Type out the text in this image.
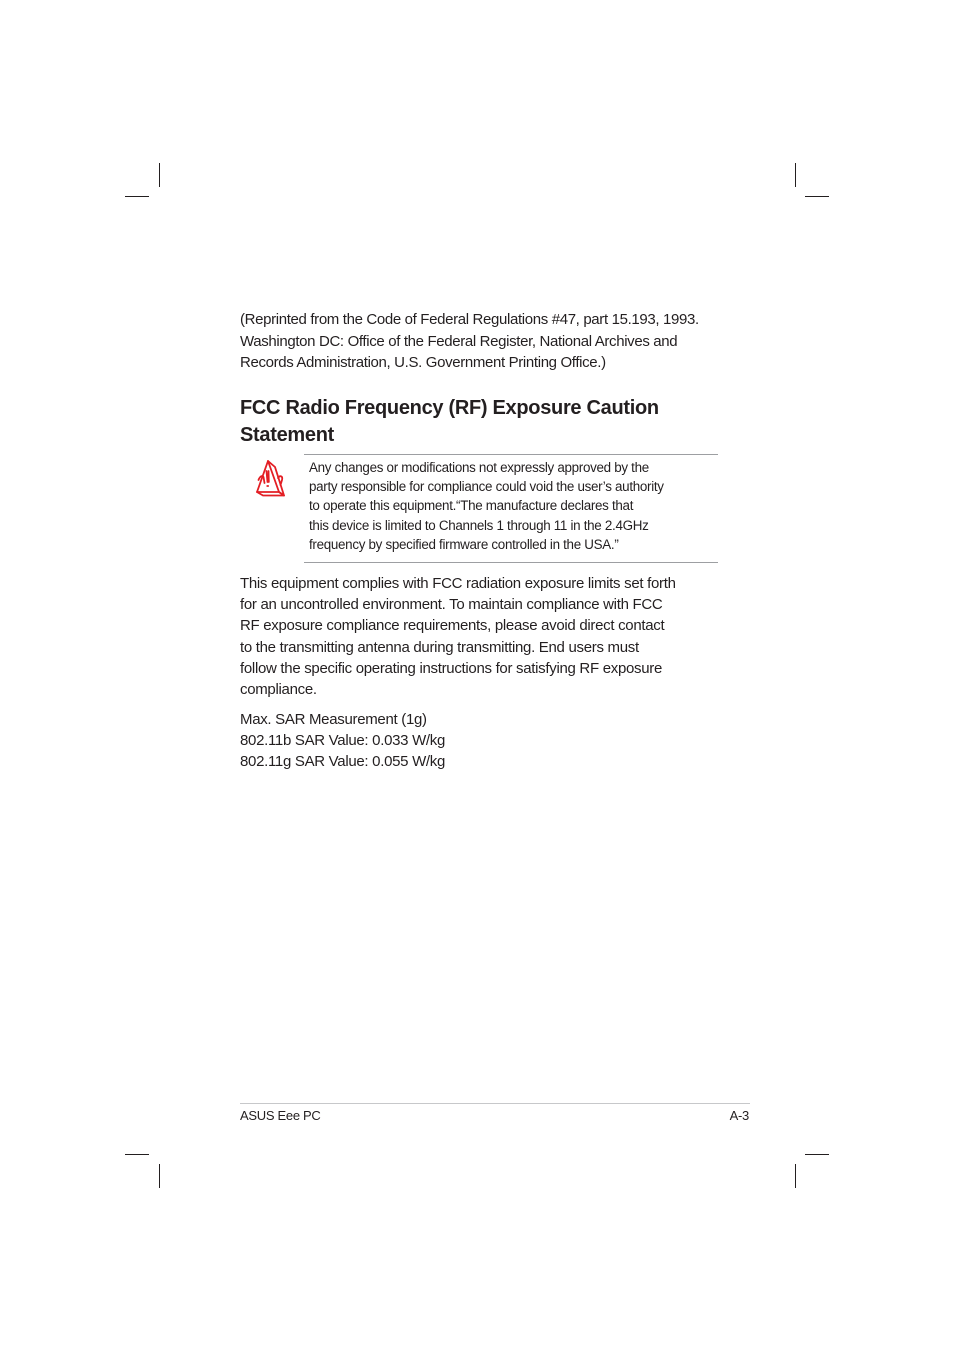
(Reprinted from the Code of Federal Regulations #47, part 15.193, 1993.
Washington DC: Office of the Federal Register, National Archives and
Records Administration, U.S. Government Printing Office.)

FCC Radio Frequency (RF) Exposure Caution
Statement

Any changes or modifications not expressly approved by the
party responsible for compliance could void the user’s authority
to operate this equipment.“The manufacture declares that
this device is limited to Channels 1 through 11 in the 2.4GHz
frequency by specified firmware controlled in the USA.”

This equipment complies with FCC radiation exposure limits set forth
for an uncontrolled environment. To maintain compliance with FCC
RF exposure compliance requirements, please avoid direct contact
to the transmitting antenna during transmitting. End users must
follow the specific operating instructions for satisfying RF exposure
compliance.

Max. SAR Measurement (1g)
802.11b SAR Value: 0.033 W/kg
802.11g SAR Value: 0.055 W/kg

ASUS Eee PC	A-3
